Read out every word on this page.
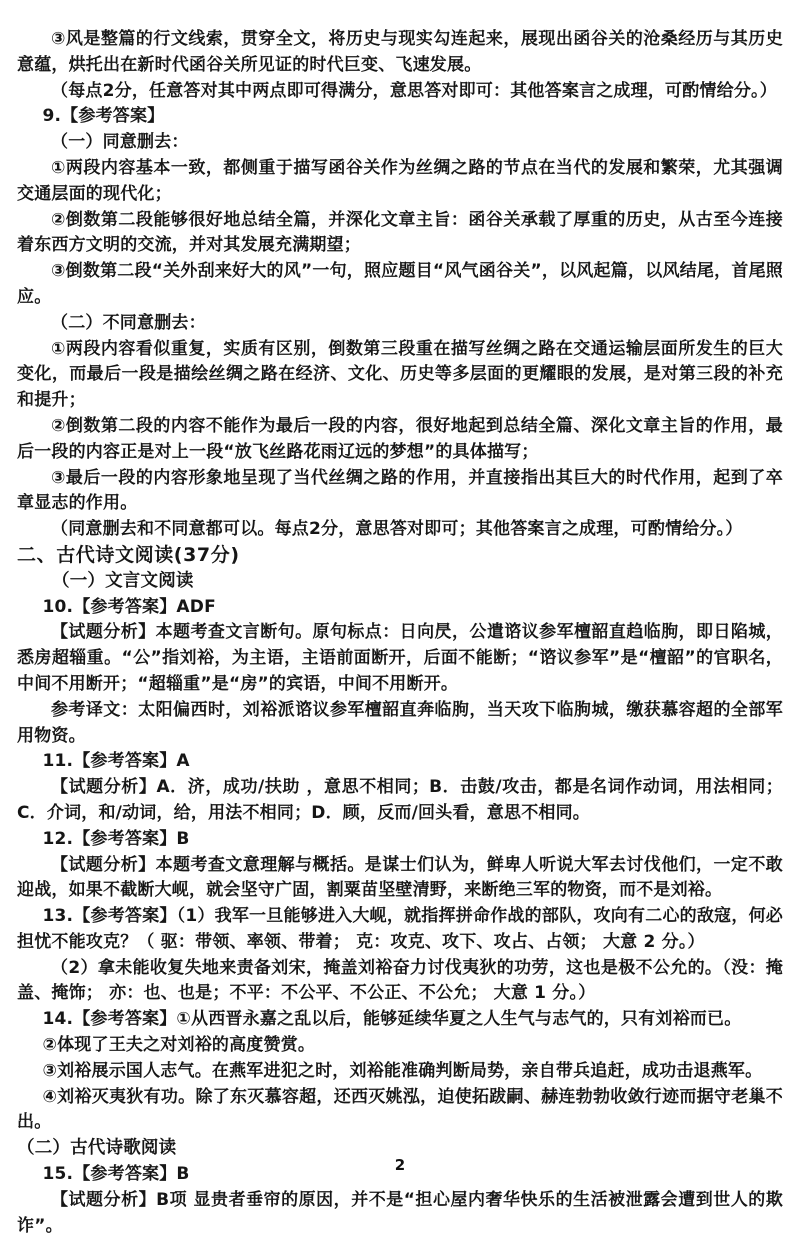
③风是整篇的行文线索，贯穿全文，将历史与现实勾连起来，展现出函谷关的沧桑经历与其历史意蕴，烘托出在新时代函谷关所见证的时代巨变、飞速发展。
（每点2分，任意答对其中两点即可得满分，意思答对即可：其他答案言之成理，可酌情给分。）
9.【参考答案】
（一）同意删去：
①两段内容基本一致，都侧重于描写函谷关作为丝绸之路的节点在当代的发展和繁荣，尤其强调交通层面的现代化；
②倒数第二段能够很好地总结全篇，并深化文章主旨：函谷关承载了厚重的历史，从古至今连接着东西方文明的交流，并对其发展充满期望；
③倒数第二段“关外刮来好大的风”一句，照应题目“风气函谷关”，以风起篇，以风结尾，首尾照应。
（二）不同意删去：
①两段内容看似重复，实质有区别，倒数第三段重在描写丝绸之路在交通运输层面所发生的巨大变化，而最后一段是描绘丝绸之路在经济、文化、历史等多层面的更耀眼的发展，是对第三段的补充和提升；
②倒数第二段的内容不能作为最后一段的内容，很好地起到总结全篇、深化文章主旨的作用，最后一段的内容正是对上一段“放飞丝路花雨辽远的梦想”的具体描写；
③最后一段的内容形象地呈现了当代丝绸之路的作用，并直接指出其巨大的时代作用，起到了卒章显志的作用。
（同意删去和不同意都可以。每点2分，意思答对即可；其他答案言之成理，可酌情给分。）
二、古代诗文阅读(37分)
（一）文言文阅读
10.【参考答案】ADF
【试题分析】本题考查文言断句。原句标点：日向昃，公遣谘议参军檀韶直趋临朐，即日陷城，悉房超辎重。“公”指刘裕，为主语，主语前面断开，后面不能断；“谘议参军”是“檀韶”的官职名，中间不用断开；“超辎重”是“房”的宾语，中间不用断开。
参考译文：太阳偏西时，刘裕派谘议参军檀韶直奔临朐，当天攻下临朐城，缴获慕容超的全部军用物资。
11.【参考答案】A
【试题分析】A．济，成功/扶助 ，意思不相同；B．击鼓/攻击，都是名词作动词，用法相同；C．介词，和/动词，给，用法不相同；D．顾，反而/回头看，意思不相同。
12.【参考答案】B
【试题分析】本题考查文意理解与概括。是谋士们认为，鲜卑人听说大军去讨伐他们，一定不敢迎战，如果不截断大岘，就会坚守广固，割粟苗坚壁清野，来断绝三军的物资，而不是刘裕。
13.【参考答案】（1）我军一旦能够进入大岘，就指挥拼命作战的部队，攻向有二心的敌寇，何必担忧不能攻克？（ 驱：带领、率领、带着； 克：攻克、攻下、攻占、占领； 大意 2 分。）
（2）拿未能收复失地来责备刘宋，掩盖刘裕奋力讨伐夷狄的功劳，这也是极不公允的。（没：掩盖、掩饰； 亦：也、也是；不平：不公平、不公正、不公允； 大意 1 分。）
14.【参考答案】①从西晋永嘉之乱以后，能够延续华夏之人生气与志气的，只有刘裕而已。
②体现了王夫之对刘裕的高度赞赏。
③刘裕展示国人志气。在燕军进犯之时，刘裕能准确判断局势，亲自带兵追赶，成功击退燕军。
④刘裕灭夷狄有功。除了东灭慕容超，还西灭姚泓，迫使拓跋嗣、赫连勃勃收敛行迹而据守老巢不出。
（二）古代诗歌阅读
15.【参考答案】B
【试题分析】B项 显贵者垂帘的原因，并不是“担心屋内奢华快乐的生活被泄露会遭到世人的欺诈”。
2
